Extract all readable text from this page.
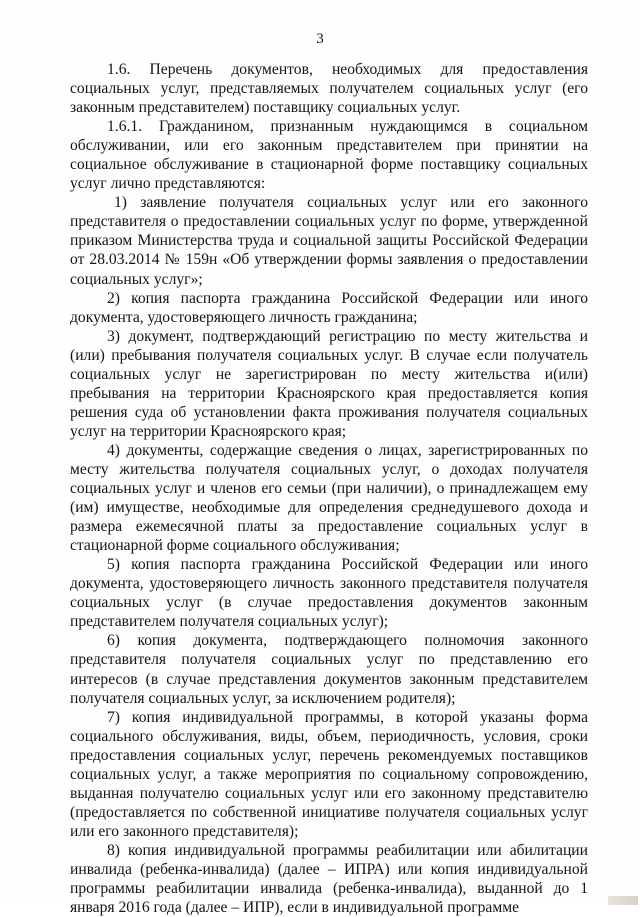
3

1.6. Перечень документов, необходимых для предоставления социальных услуг, представляемых получателем социальных услуг (его законным представителем) поставщику социальных услуг.

1.6.1. Гражданином, признанным нуждающимся в социальном обслуживании, или его законным представителем при принятии на социальное обслуживание в стационарной форме поставщику социальных услуг лично представляются:

1) заявление получателя социальных услуг или его законного представителя о предоставлении социальных услуг по форме, утвержденной приказом Министерства труда и социальной защиты Российской Федерации от 28.03.2014 № 159н «Об утверждении формы заявления о предоставлении социальных услуг»;

2) копия паспорта гражданина Российской Федерации или иного документа, удостоверяющего личность гражданина;

3) документ, подтверждающий регистрацию по месту жительства и (или) пребывания получателя социальных услуг. В случае если получатель социальных услуг не зарегистрирован по месту жительства и(или) пребывания на территории Красноярского края предоставляется копия решения суда об установлении факта проживания получателя социальных услуг на территории Красноярского края;

4) документы, содержащие сведения о лицах, зарегистрированных по месту жительства получателя социальных услуг, о доходах получателя социальных услуг и членов его семьи (при наличии), о принадлежащем ему (им) имуществе, необходимые для определения среднедушевого дохода и размера ежемесячной платы за предоставление социальных услуг в стационарной форме социального обслуживания;

5) копия паспорта гражданина Российской Федерации или иного документа, удостоверяющего личность законного представителя получателя социальных услуг (в случае предоставления документов законным представителем получателя социальных услуг);

6) копия документа, подтверждающего полномочия законного представителя получателя социальных услуг по представлению его интересов (в случае представления документов законным представителем получателя социальных услуг, за исключением родителя);

7) копия индивидуальной программы, в которой указаны форма социального обслуживания, виды, объем, периодичность, условия, сроки предоставления социальных услуг, перечень рекомендуемых поставщиков социальных услуг, а также мероприятия по социальному сопровождению, выданная получателю социальных услуг или его законному представителю (предоставляется по собственной инициативе получателя социальных услуг или его законного представителя);

8) копия индивидуальной программы реабилитации или абилитации инвалида (ребенка-инвалида) (далее – ИПРА) или копия индивидуальной программы реабилитации инвалида (ребенка-инвалида), выданной до 1 января 2016 года (далее – ИПР), если в индивидуальной программе
